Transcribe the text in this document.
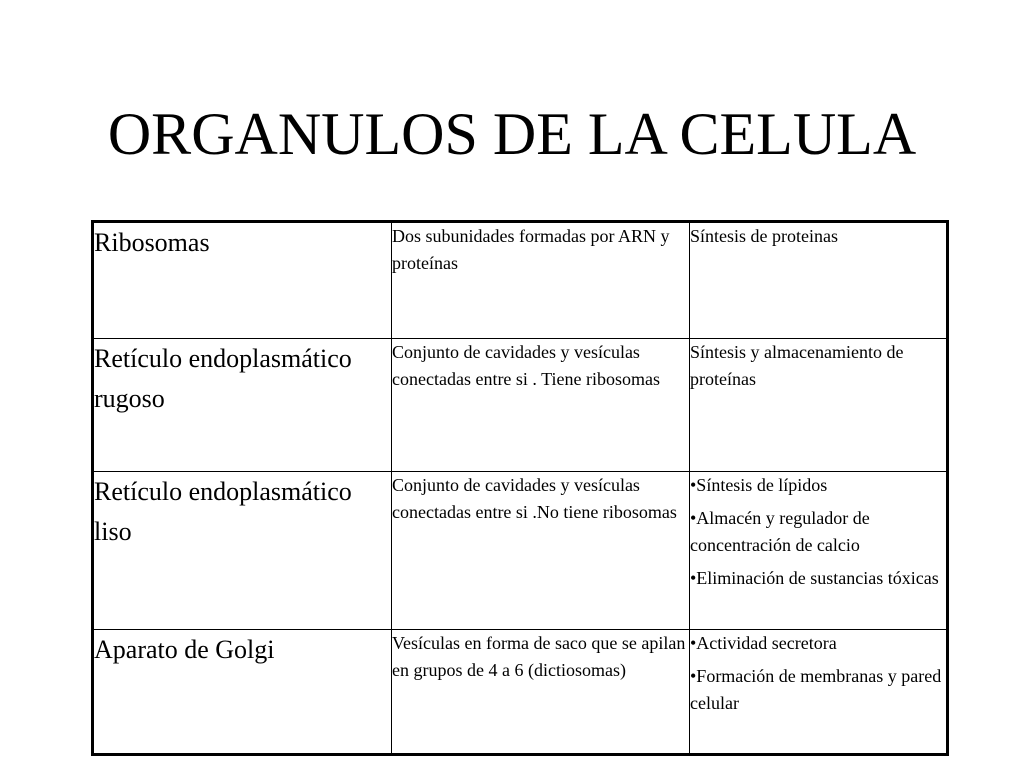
ORGANULOS DE LA CELULA
Ribosomas	Dos subunidades formadas por ARN y proteínas	Síntesis de proteinas

Retículo endoplasmático rugoso	Conjunto de cavidades y vesículas conectadas entre si . Tiene ribosomas	Síntesis y almacenamiento de proteínas

Retículo endoplasmático liso	Conjunto de cavidades y vesículas conectadas entre si .No tiene ribosomas	•Síntesis de lípidos
•Almacén y regulador de concentración de calcio
•Eliminación de sustancias tóxicas

Aparato de Golgi	Vesículas en forma de saco que se apilan en grupos de 4 a 6 (dictiosomas)	•Actividad secretora
•Formación de membranas y pared celular
